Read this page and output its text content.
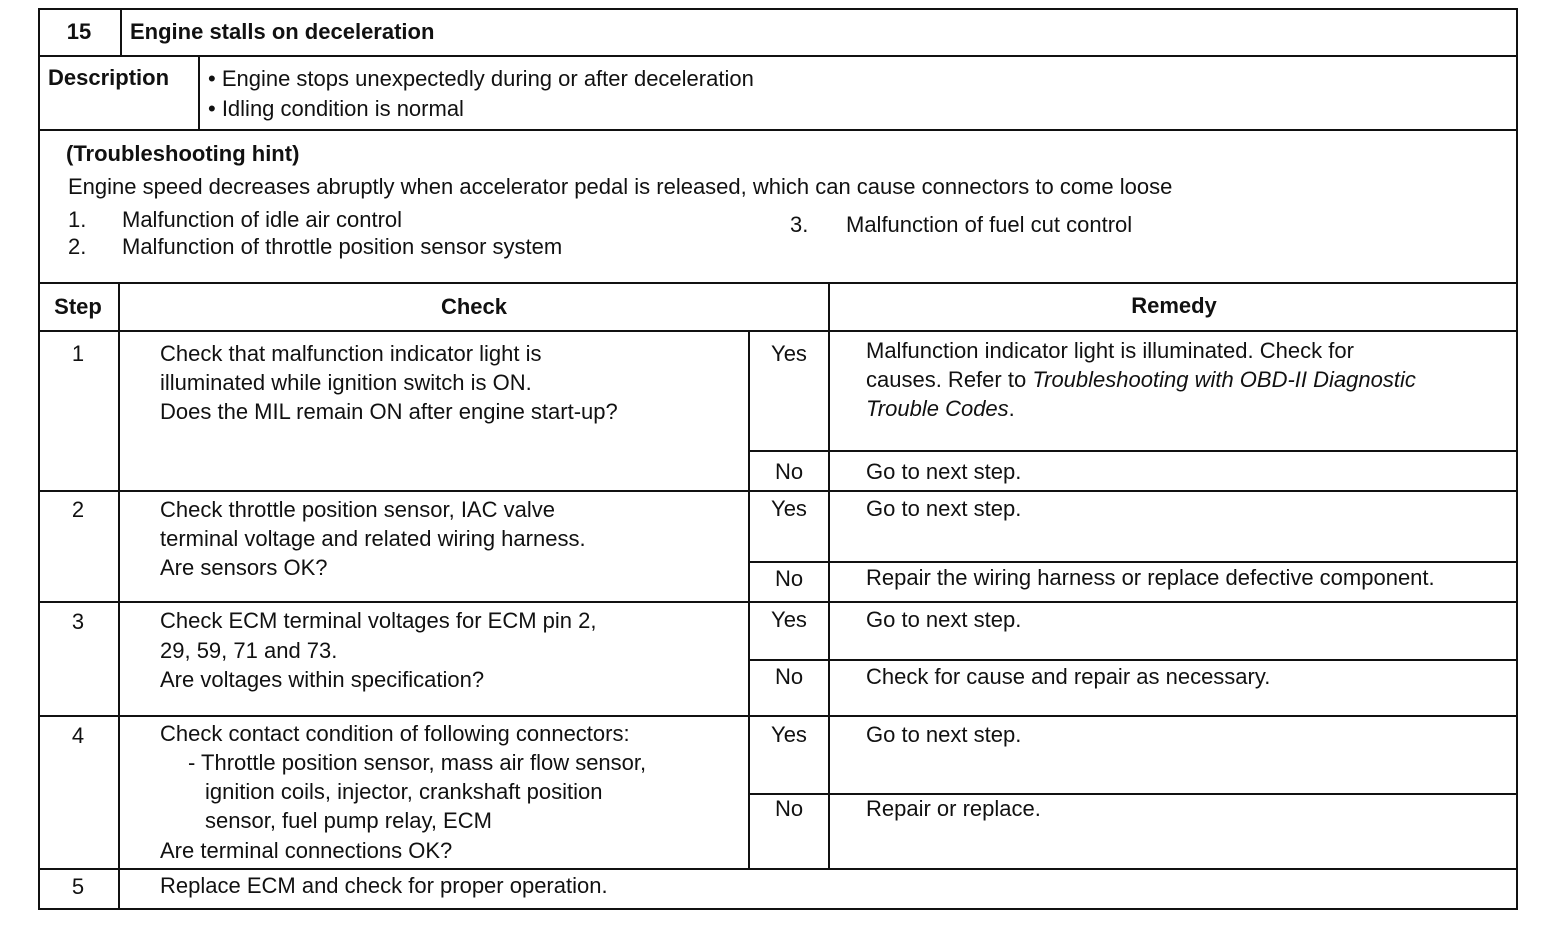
15	Engine stalls on deceleration
Description • Engine stops unexpectedly during or after deceleration
• Idling condition is normal
(Troubleshooting hint)
Engine speed decreases abruptly when accelerator pedal is released, which can cause connectors to come loose
1. Malfunction of idle air control
2. Malfunction of throttle position sensor system
3. Malfunction of fuel cut control
Step	Check	Remedy
1	Check that malfunction indicator light is
illuminated while ignition switch is ON.
Does the MIL remain ON after engine start-up?
Yes	Malfunction indicator light is illuminated. Check for
causes. Refer to Troubleshooting with OBD-II Diagnostic
Trouble Codes.
No	Go to next step.
2	Check throttle position sensor, IAC valve
terminal voltage and related wiring harness.
Are sensors OK?
Yes	Go to next step.
No	Repair the wiring harness or replace defective component.
3	Check ECM terminal voltages for ECM pin 2,
29, 59, 71 and 73.
Are voltages within specification?
Yes	Go to next step.
No	Check for cause and repair as necessary.
4	Check contact condition of following connectors:
- Throttle position sensor, mass air flow sensor,
ignition coils, injector, crankshaft position
sensor, fuel pump relay, ECM
Are terminal connections OK?
Yes	Go to next step.
No	Repair or replace.
5	Replace ECM and check for proper operation.
